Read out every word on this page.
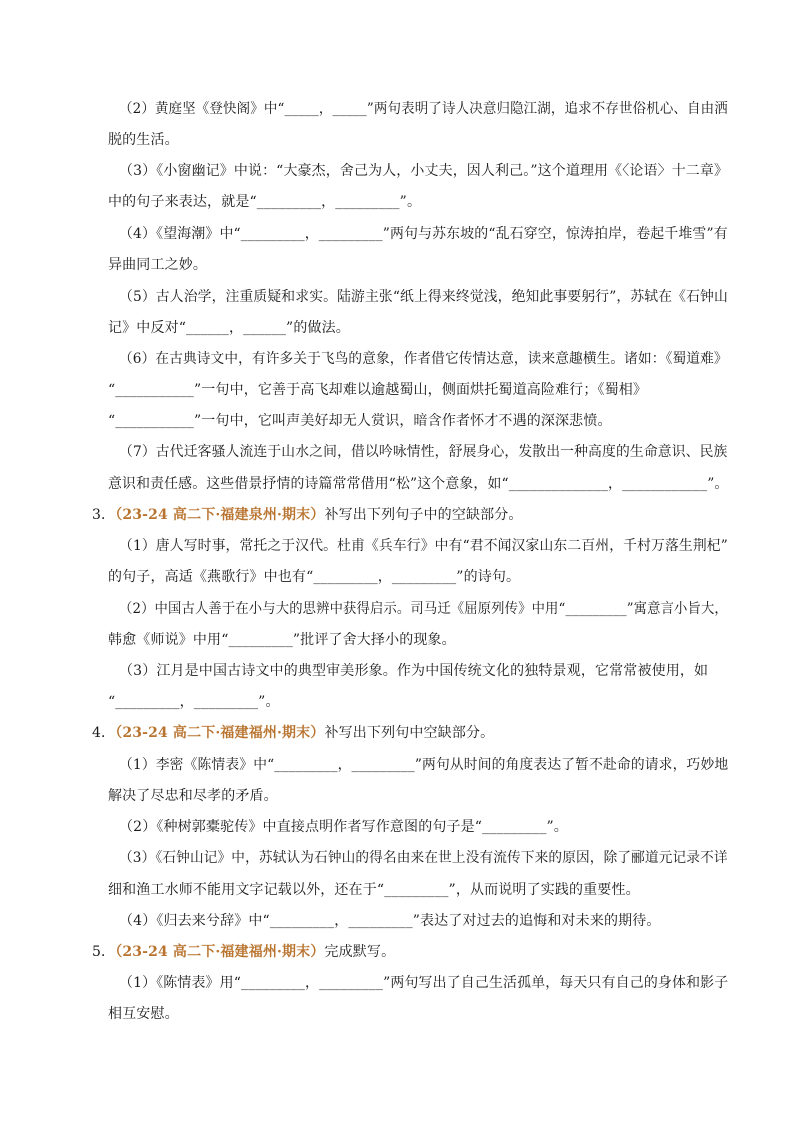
（2）黄庭坚《登快阁》中“_____，_____”两句表明了诗人决意归隐江湖，追求不存世俗机心、自由洒
脱的生活。
（3）《小窗幽记》中说：“大豪杰，舍己为人，小丈夫，因人利己。”这个道理用《〈论语〉十二章》
中的句子来表达，就是“_________，_________”。
（4）《望海潮》中“_________，_________”两句与苏东坡的“乱石穿空，惊涛拍岸，卷起千堆雪”有
异曲同工之妙。
（5）古人治学，注重质疑和求实。陆游主张“纸上得来终觉浅，绝知此事要躬行”，苏轼在《石钟山
记》中反对“______，______”的做法。
（6）在古典诗文中，有许多关于飞鸟的意象，作者借它传情达意，读来意趣横生。诸如：《蜀道难》
“___________”一句中，它善于高飞却难以逾越蜀山，侧面烘托蜀道高险难行；《蜀相》
“___________”一句中，它叫声美好却无人赏识，暗含作者怀才不遇的深深悲愤。
（7）古代迁客骚人流连于山水之间，借以吟咏情性，舒展身心，发散出一种高度的生命意识、民族
意识和责任感。这些借景抒情的诗篇常常借用“松”这个意象，如“______________，____________”。
3．（23-24 高二下·福建泉州·期末）补写出下列句子中的空缺部分。
（1）唐人写时事，常托之于汉代。杜甫《兵车行》中有“君不闻汉家山东二百州，千村万落生荆杞”
的句子，高适《燕歌行》中也有“_________，_________”的诗句。
（2）中国古人善于在小与大的思辨中获得启示。司马迁《屈原列传》中用“_________”寓意言小旨大，
韩愈《师说》中用“_________”批评了舍大择小的现象。
（3）江月是中国古诗文中的典型审美形象。作为中国传统文化的独特景观，它常常被使用，如
“_________，_________”。
4．（23-24 高二下·福建福州·期末）补写出下列句中空缺部分。
（1）李密《陈情表》中“_________，_________”两句从时间的角度表达了暂不赴命的请求，巧妙地
解决了尽忠和尽孝的矛盾。
（2）《种树郭橐驼传》中直接点明作者写作意图的句子是“_________”。
（3）《石钟山记》中，苏轼认为石钟山的得名由来在世上没有流传下来的原因，除了郦道元记录不详
细和渔工水师不能用文字记载以外，还在于“_________”，从而说明了实践的重要性。
（4）《归去来兮辞》中“_________，_________”表达了对过去的追悔和对未来的期待。
5．（23-24 高二下·福建福州·期末）完成默写。
（1）《陈情表》用“_________，_________”两句写出了自己生活孤单，每天只有自己的身体和影子
相互安慰。
